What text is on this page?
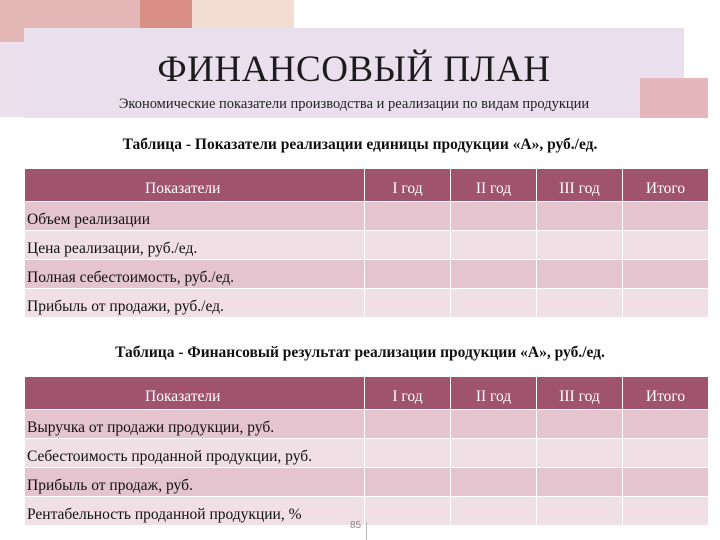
ФИНАНСОВЫЙ ПЛАН
Экономические показатели производства и реализации по видам продукции
Таблица - Показатели реализации единицы продукции «А», руб./ед.
Показатели	I год	II год	III год	Итого
Объем реализации				
Цена реализации, руб./ед.				
Полная себестоимость, руб./ед.				
Прибыль от продажи, руб./ед.				
Таблица - Финансовый результат реализации продукции «А», руб./ед.
Показатели	I год	II год	III год	Итого
Выручка от продажи продукции, руб.				
Себестоимость проданной продукции, руб.				
Прибыль от продаж, руб.				
Рентабельность проданной продукции, %				
85
